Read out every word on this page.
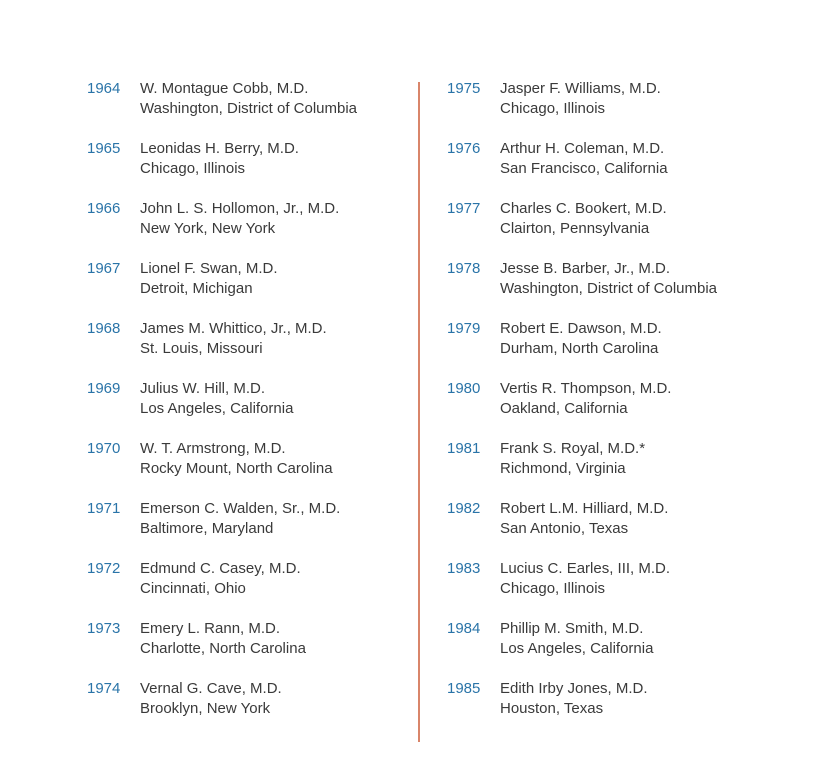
1964 W. Montague Cobb, M.D.
Washington, District of Columbia
1965 Leonidas H. Berry, M.D.
Chicago, Illinois
1966 John L. S. Hollomon, Jr., M.D.
New York, New York
1967 Lionel F. Swan, M.D.
Detroit, Michigan
1968 James M. Whittico, Jr., M.D.
St. Louis, Missouri
1969 Julius W. Hill, M.D.
Los Angeles, California
1970 W. T. Armstrong, M.D.
Rocky Mount, North Carolina
1971 Emerson C. Walden, Sr., M.D.
Baltimore, Maryland
1972 Edmund C. Casey, M.D.
Cincinnati, Ohio
1973 Emery L. Rann, M.D.
Charlotte, North Carolina
1974 Vernal G. Cave, M.D.
Brooklyn, New York
1975 Jasper F. Williams, M.D.
Chicago, Illinois
1976 Arthur H. Coleman, M.D.
San Francisco, California
1977 Charles C. Bookert, M.D.
Clairton, Pennsylvania
1978 Jesse B. Barber, Jr., M.D.
Washington, District of Columbia
1979 Robert E. Dawson, M.D.
Durham, North Carolina
1980 Vertis R. Thompson, M.D.
Oakland, California
1981 Frank S. Royal, M.D.*
Richmond, Virginia
1982 Robert L.M. Hilliard, M.D.
San Antonio, Texas
1983 Lucius C. Earles, III, M.D.
Chicago, Illinois
1984 Phillip M. Smith, M.D.
Los Angeles, California
1985 Edith Irby Jones, M.D.
Houston, Texas
